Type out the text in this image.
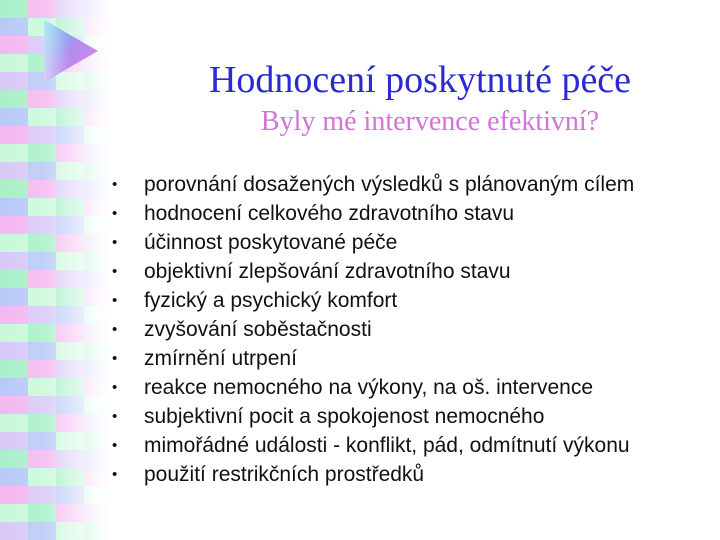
Hodnocení poskytnuté péče
Byly mé intervence efektivní?
•	porovnání dosažených výsledků s plánovaným cílem
•	hodnocení celkového zdravotního stavu
•	účinnost poskytované péče
•	objektivní zlepšování zdravotního stavu
•	fyzický a psychický komfort
•	zvyšování soběstačnosti
•	zmírnění utrpení
•	reakce nemocného na výkony, na oš. intervence
•	subjektivní pocit a spokojenost nemocného
•	mimořádné události - konflikt, pád, odmítnutí výkonu
•	použití restrikčních prostředků
